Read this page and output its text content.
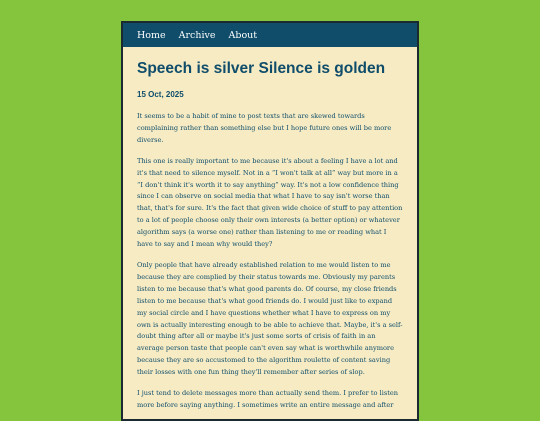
Home Archive About
Speech is silver Silence is golden
15 Oct, 2025

It seems to be a habit of mine to post texts that are skewed towards complaining rather than something else but I hope future ones will be more diverse.

This one is really important to me because it's about a feeling I have a lot and it's that need to silence myself. Not in a “I won't talk at all” way but more in a “I don't think it's worth it to say anything” way. It's not a low confidence thing since I can observe on social media that what I have to say isn't worse than that, that's for sure. It's the fact that given wide choice of stuff to pay attention to a lot of people choose only their own interests (a better option) or whatever algorithm says (a worse one) rather than listening to me or reading what I have to say and I mean why would they?

Only people that have already established relation to me would listen to me because they are complied by their status towards me. Obviously my parents listen to me because that's what good parents do. Of course, my close friends listen to me because that's what good friends do. I would just like to expand my social circle and I have questions whether what I have to express on my own is actually interesting enough to be able to achieve that. Maybe, it's a self-doubt thing after all or maybe it's just some sorts of crisis of faith in an average person taste that people can't even say what is worthwhile anymore because they are so accustomed to the algorithm roulette of content saving their losses with one fun thing they'll remember after series of slop.

I just tend to delete messages more than actually send them. I prefer to listen more before saying anything. I sometimes write an entire message and after
